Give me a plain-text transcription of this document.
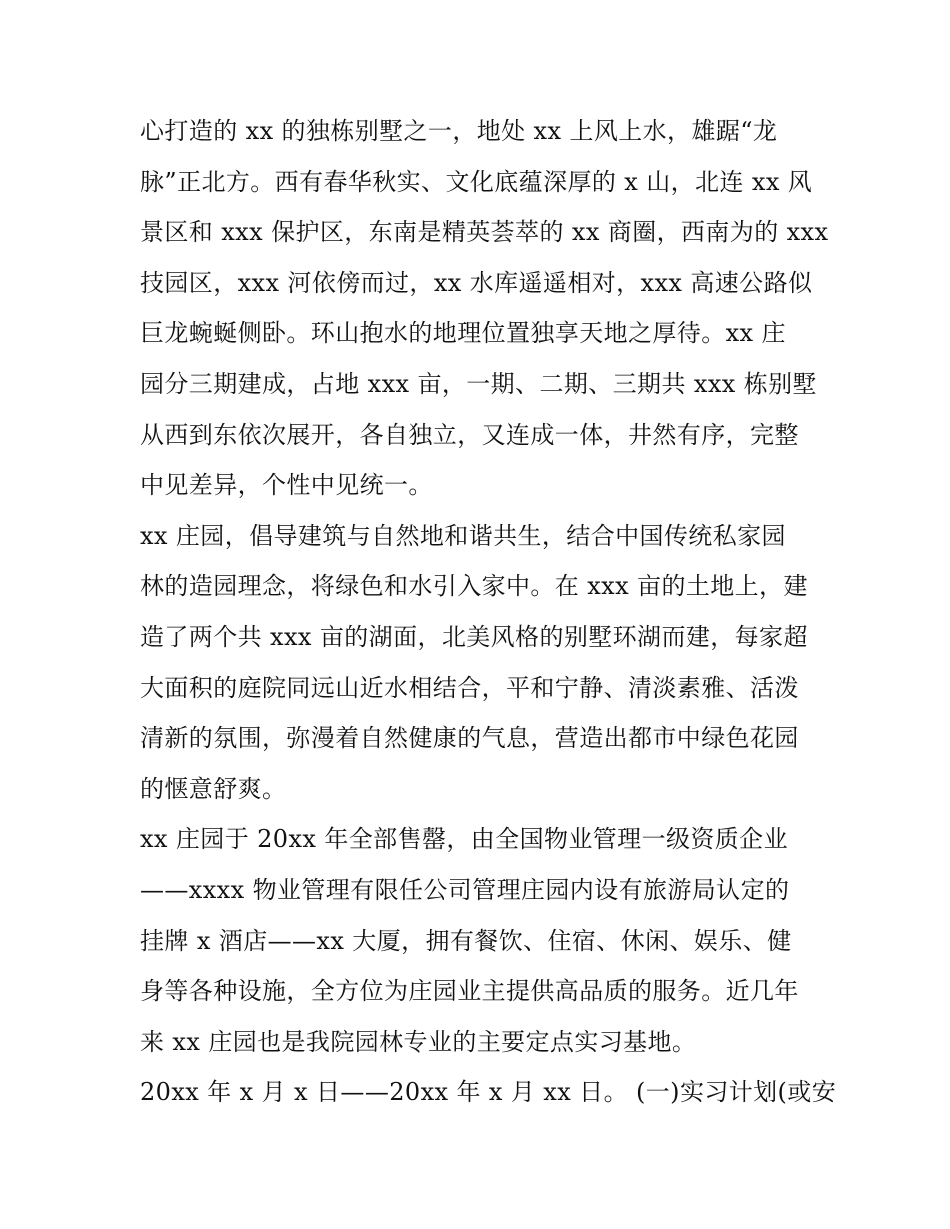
心打造的 xx 的独栋别墅之一，地处 xx 上风上水，雄踞“龙
脉”正北方。西有春华秋实、文化底蕴深厚的 x 山，北连 xx 风
景区和 xxx 保护区，东南是精英荟萃的 xx 商圈，西南为的 xxx
技园区，xxx 河依傍而过，xx 水库遥遥相对，xxx 高速公路似
巨龙蜿蜒侧卧。环山抱水的地理位置独享天地之厚待。xx 庄
园分三期建成，占地 xxx 亩，一期、二期、三期共 xxx 栋别墅
从西到东依次展开，各自独立，又连成一体，井然有序，完整
中见差异，个性中见统一。
xx 庄园，倡导建筑与自然地和谐共生，结合中国传统私家园
林的造园理念，将绿色和水引入家中。在 xxx 亩的土地上，建
造了两个共 xxx 亩的湖面，北美风格的别墅环湖而建，每家超
大面积的庭院同远山近水相结合，平和宁静、清淡素雅、活泼
清新的氛围，弥漫着自然健康的气息，营造出都市中绿色花园
的惬意舒爽。
xx 庄园于 20xx 年全部售罄，由全国物业管理一级资质企业
——xxxx 物业管理有限任公司管理庄园内设有旅游局认定的
挂牌 x 酒店——xx 大厦，拥有餐饮、住宿、休闲、娱乐、健
身等各种设施，全方位为庄园业主提供高品质的服务。近几年
来 xx 庄园也是我院园林专业的主要定点实习基地。
20xx 年 x 月 x 日——20xx 年 x 月 xx 日。 (一)实习计划(或安
